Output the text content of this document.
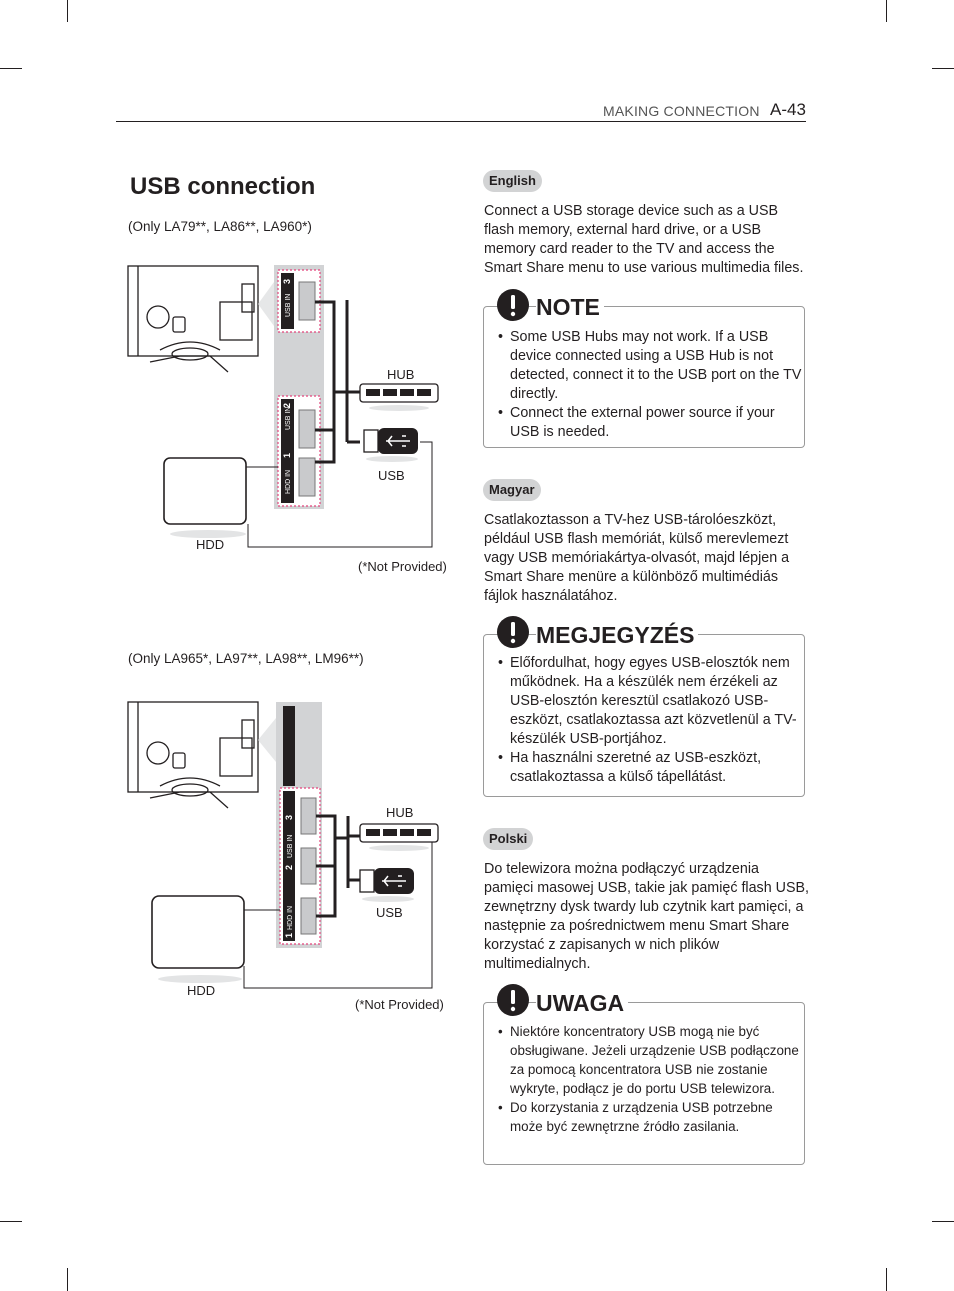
MAKING CONNECTION A-43
USB connection
(Only LA79**, LA86**, LA960*)
USB IN
USB IN
HDD IN
3
2
1
HUB
USB
HDD
(*Not Provided)
(Only LA965*, LA97**, LA98**, LM96**)
USB IN
HDD IN
3
2
1
HUB
USB
HDD
(*Not Provided)
English

Connect a USB storage device such as a USB flash memory, external hard drive, or a USB memory card reader to the TV and access the Smart Share menu to use various multimedia files.

• Some USB Hubs may not work. If a USB device connected using a USB Hub is not detected, connect it to the USB port on the TV directly.
• Connect the external power source if your USB is needed.
NOTE
Magyar

Csatlakoztasson a TV-hez USB-tárolóeszközt, például USB flash memóriát, külső merevlemezt vagy USB memóriakártya-olvasót, majd lépjen a Smart Share menüre a különböző multimédiás fájlok használatához.

• Előfordulhat, hogy egyes USB-elosztók nem működnek. Ha a készülék nem érzékeli az USB-elosztón keresztül csatlakozó USB-eszközt, csatlakoztassa azt közvetlenül a TV-készülék USB-portjához.
• Ha használni szeretné az USB-eszközt, csatlakoztassa a külső tápellátást.
MEGJEGYZÉS
Polski

Do telewizora można podłączyć urządzenia pamięci masowej USB, takie jak pamięć flash USB, zewnętrzny dysk twardy lub czytnik kart pamięci, a następnie za pośrednictwem menu Smart Share korzystać z zapisanych w nich plików multimedialnych.

• Niektóre koncentratory USB mogą nie być obsługiwane. Jeżeli urządzenie USB podłączone za pomocą koncentratora USB nie zostanie wykryte, podłącz je do portu USB telewizora.
• Do korzystania z urządzenia USB potrzebne może być zewnętrzne źródło zasilania.
UWAGA
